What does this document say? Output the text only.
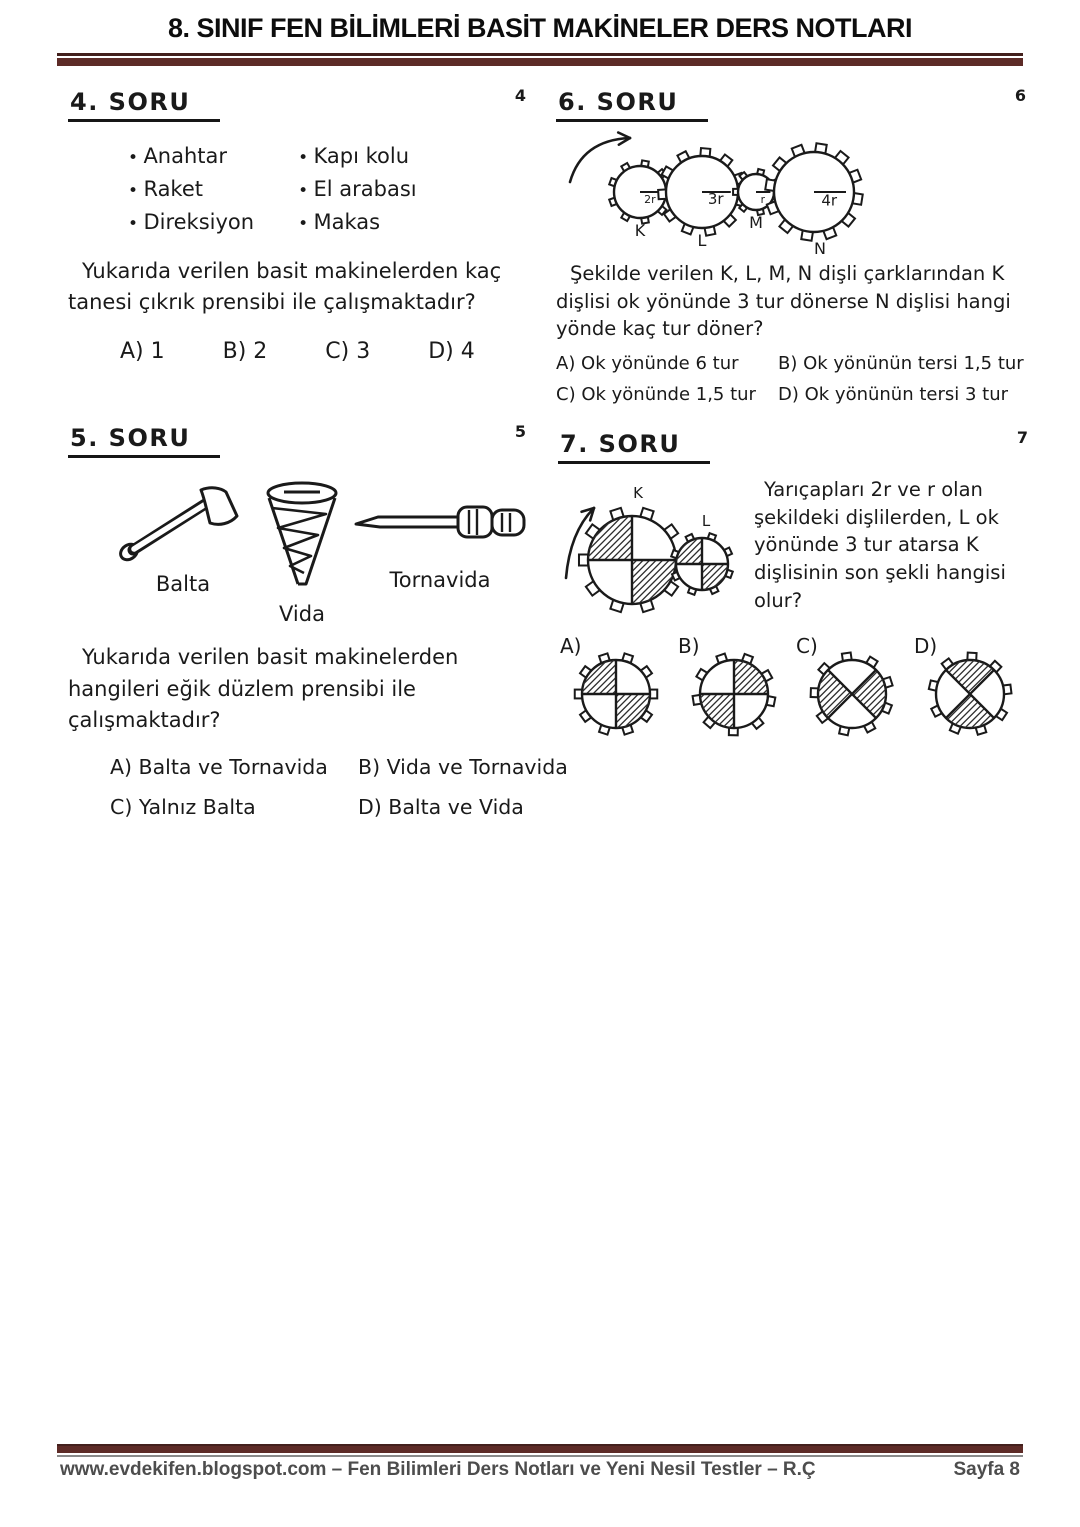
8. SINIF FEN BİLİMLERİ BASİT MAKİNELER DERS NOTLARI
4. SORU	4
• Anahtar
• Raket
• Direksiyon
• Kapı kolu
• El arabası
• Makas

Yukarıda verilen basit makinelerden kaç tanesi çıkrık prensibi ile çalışmaktadır?

A) 1	B) 2	C) 3	D) 4
6. SORU	6
2r
K
3r
L
r
M
4r
N

Şekilde verilen K, L, M, N dişli çarklarından K dişlisi ok yönünde 3 tur dönerse N dişlisi hangi yönde kaç tur döner?

A) Ok yönünde 6 tur	B) Ok yönünün tersi 1,5 tur
C) Ok yönünde 1,5 tur	D) Ok yönünün tersi 3 tur
5. SORU	5
Balta
Vida
Tornavida

Yukarıda verilen basit makinelerden hangileri eğik düzlem prensibi ile çalışmaktadır?

A) Balta ve Tornavida	B) Vida ve Tornavida
C) Yalnız Balta	D) Balta ve Vida
7. SORU	7
K
L

Yarıçapları 2r ve r olan şekildeki dişlilerden, L ok yönünde 3 tur atarsa K dişlisinin son şekli hangisi olur?

A)	B)	C)	D)
www.evdekifen.blogspot.com – Fen Bilimleri Ders Notları ve Yeni Nesil Testler – R.Ç	Sayfa 8
